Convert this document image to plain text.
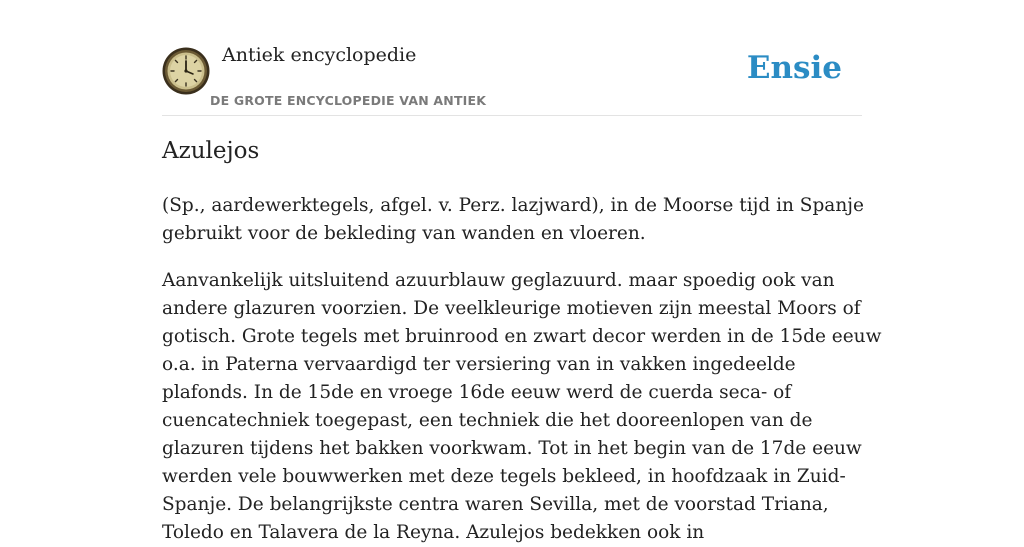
Antiek encyclopedie
DE GROTE ENCYCLOPEDIE VAN ANTIEK
Ensie
Azulejos

(Sp., aardewerktegels, afgel. v. Perz. lazjward), in de Moorse tijd in Spanje gebruikt voor de bekleding van wanden en vloeren.

Aanvankelijk uitsluitend azuurblauw geglazuurd. maar spoedig ook van andere glazuren voorzien. De veelkleurige motieven zijn meestal Moors of gotisch. Grote tegels met bruinrood en zwart decor werden in de 15de eeuw o.a. in Paterna vervaardigd ter versiering van in vakken ingedeelde plafonds. In de 15de en vroege 16de eeuw werd de cuerda seca- of cuencatechniek toegepast, een techniek die het dooreenlopen van de glazuren tijdens het bakken voorkwam. Tot in het begin van de 17de eeuw werden vele bouwwerken met deze tegels bekleed, in hoofdzaak in Zuid-Spanje. De belangrijkste centra waren Sevilla, met de voorstad Triana, Toledo en Talavera de la Reyna. Azulejos bedekken ook in
